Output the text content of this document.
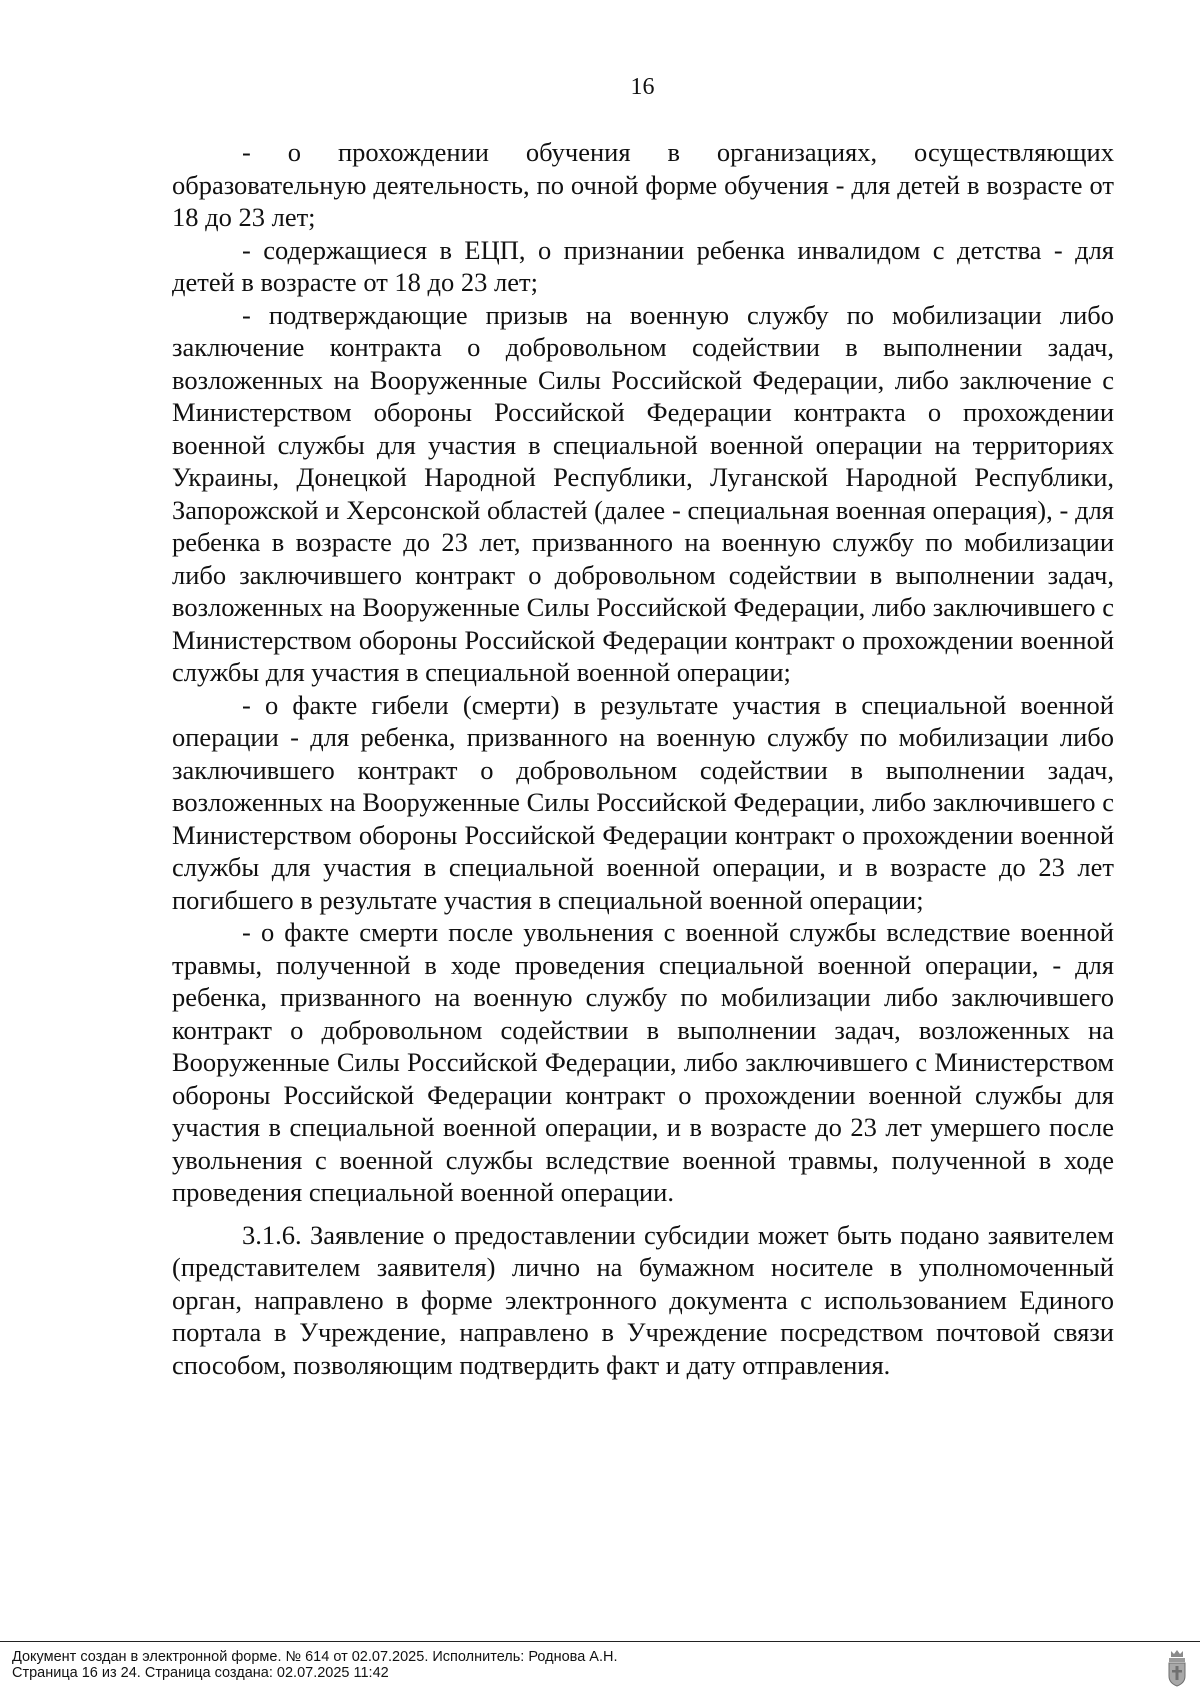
16

- о прохождении обучения в организациях, осуществляющих образовательную деятельность, по очной форме обучения - для детей в возрасте от 18 до 23 лет;

- содержащиеся в ЕЦП, о признании ребенка инвалидом с детства - для детей в возрасте от 18 до 23 лет;

- подтверждающие призыв на военную службу по мобилизации либо заключение контракта о добровольном содействии в выполнении задач, возложенных на Вооруженные Силы Российской Федерации, либо заключение с Министерством обороны Российской Федерации контракта о прохождении военной службы для участия в специальной военной операции на территориях Украины, Донецкой Народной Республики, Луганской Народной Республики, Запорожской и Херсонской областей (далее - специальная военная операция), - для ребенка в возрасте до 23 лет, призванного на военную службу по мобилизации либо заключившего контракт о добровольном содействии в выполнении задач, возложенных на Вооруженные Силы Российской Федерации, либо заключившего с Министерством обороны Российской Федерации контракт о прохождении военной службы для участия в специальной военной операции;

- о факте гибели (смерти) в результате участия в специальной военной операции - для ребенка, призванного на военную службу по мобилизации либо заключившего контракт о добровольном содействии в выполнении задач, возложенных на Вооруженные Силы Российской Федерации, либо заключившего с Министерством обороны Российской Федерации контракт о прохождении военной службы для участия в специальной военной операции, и в возрасте до 23 лет погибшего в результате участия в специальной военной операции;

- о факте смерти после увольнения с военной службы вследствие военной травмы, полученной в ходе проведения специальной военной операции, - для ребенка, призванного на военную службу по мобилизации либо заключившего контракт о добровольном содействии в выполнении задач, возложенных на Вооруженные Силы Российской Федерации, либо заключившего с Министерством обороны Российской Федерации контракт о прохождении военной службы для участия в специальной военной операции, и в возрасте до 23 лет умершего после увольнения с военной службы вследствие военной травмы, полученной в ходе проведения специальной военной операции.

3.1.6. Заявление о предоставлении субсидии может быть подано заявителем (представителем заявителя) лично на бумажном носителе в уполномоченный орган, направлено в форме электронного документа с использованием Единого портала в Учреждение, направлено в Учреждение посредством почтовой связи способом, позволяющим подтвердить факт и дату отправления.

Документ создан в электронной форме. № 614 от 02.07.2025. Исполнитель: Роднова А.Н.
Страница 16 из 24. Страница создана: 02.07.2025 11:42
